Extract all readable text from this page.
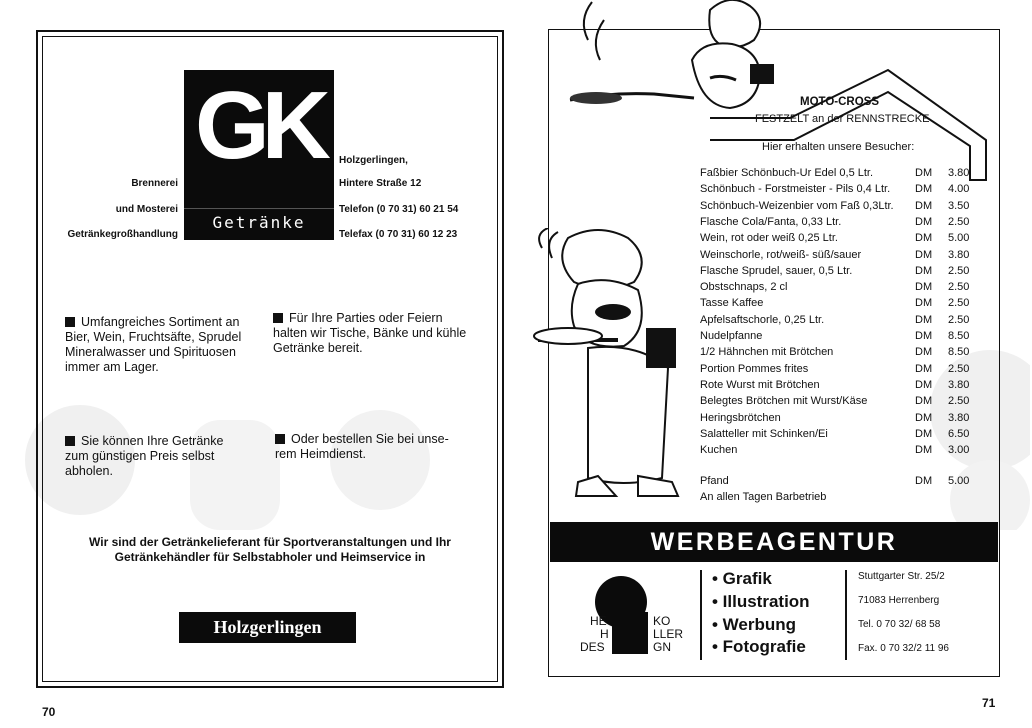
GK
Getränke Klein
Brennerei
und Mosterei
Getränkegroßhandlung
Holzgerlingen,
Hintere Straße 12
Telefon (0 70 31) 60 21 54
Telefax (0 70 31) 60 12 23
Umfangreiches Sortiment an Bier, Wein, Fruchtsäfte, Sprudel Mineralwasser und Spirituosen immer am Lager.
Für Ihre Parties oder Feiern halten wir Tische, Bänke und kühle Getränke bereit.
Sie können Ihre Getränke zum günstigen Preis selbst abholen.
Oder bestellen Sie bei unse- rem Heimdienst.
Wir sind der Getränkelieferant für Sportveranstaltungen und Ihr Getränkehändler für Selbstabholer und Heimservice in
Holzgerlingen
70
MOTO-CROSS
FESTZELT an der RENNSTRECKE
Hier erhalten unsere Besucher:
Faßbier Schönbuch-Ur Edel 0,5 Ltr.	DM 3.80
Schönbuch - Forstmeister - Pils 0,4 Ltr. DM 4.00
Schönbuch-Weizenbier vom Faß 0,3Ltr. DM 3.50
Flasche Cola/Fanta, 0,33 Ltr.	DM 2.50
Wein, rot oder weiß 0,25 Ltr.	DM 5.00
Weinschorle, rot/weiß- süß/sauer	DM 3.80
Flasche Sprudel, sauer, 0,5 Ltr.	DM 2.50
Obstschnaps, 2 cl	DM 2.50
Tasse Kaffee	DM 2.50
Apfelsaftschorle, 0,25 Ltr.	DM 2.50
Nudelpfanne	DM 8.50
1/2 Hähnchen mit Brötchen	DM 8.50
Portion Pommes frites	DM 2.50
Rote Wurst mit Brötchen	DM 3.80
Belegtes Brötchen mit Wurst/Käse	DM 2.50
Heringsbrötchen	DM 3.80
Salatteller mit Schinken/Ei	DM 6.50
Kuchen	DM 3.00
Pfand	DM 5.00
An allen Tagen Barbetrieb
WERBEAGENTUR
HE
H
DES
KO
LLER
GN
• Grafik
• Illustration
• Werbung
• Fotografie
Stuttgarter Str. 25/2
71083 Herrenberg
Tel. 0 70 32/ 68 58
Fax. 0 70 32/2 11 96
71
